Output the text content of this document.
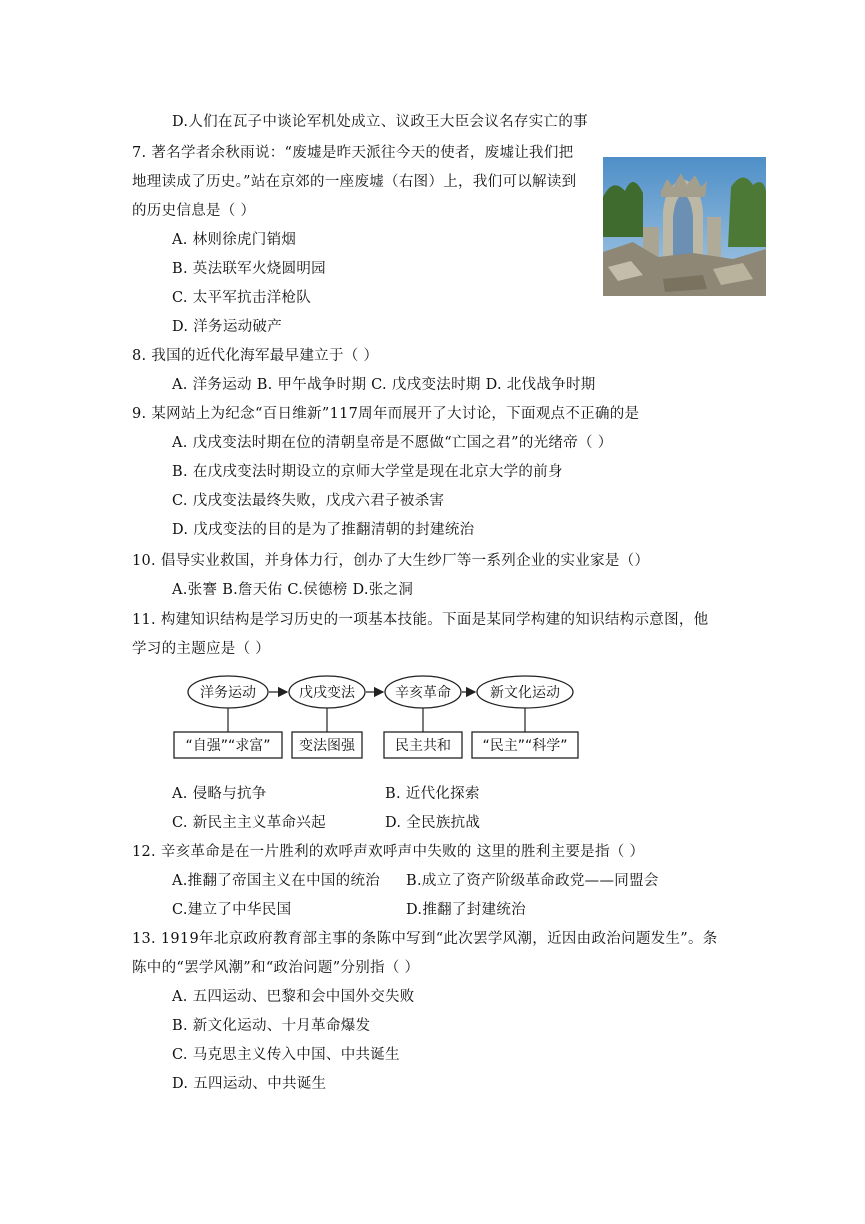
D.人们在瓦子中谈论军机处成立、议政王大臣会议名存实亡的事
7. 著名学者余秋雨说：“废墟是昨天派往今天的使者，废墟让我们把
地理读成了历史。”站在京郊的一座废墟（右图）上，我们可以解读到
的历史信息是（ ）
A. 林则徐虎门销烟
B. 英法联军火烧圆明园
C. 太平军抗击洋枪队
D. 洋务运动破产
8. 我国的近代化海军最早建立于（ ）
A. 洋务运动 B. 甲午战争时期 C. 戊戌变法时期 D. 北伐战争时期
9. 某网站上为纪念“百日维新”117周年而展开了大讨论，下面观点不正确的是
A. 戊戌变法时期在位的清朝皇帝是不愿做“亡国之君”的光绪帝（ ）
B. 在戊戌变法时期设立的京师大学堂是现在北京大学的前身
C. 戊戌变法最终失败，戊戌六君子被杀害
D. 戊戌变法的目的是为了推翻清朝的封建统治
10. 倡导实业救国，并身体力行，创办了大生纱厂等一系列企业的实业家是（）
A.张謇 B.詹天佑 C.侯德榜 D.张之洞
11. 构建知识结构是学习历史的一项基本技能。下面是某同学构建的知识结构示意图，他
学习的主题应是（ ）
洋务运动	戊戌变法	辛亥革命	新文化运动
“自强”“求富” 变法图强	民主共和 “民主”“科学”
A. 侵略与抗争	B. 近代化探索
C. 新民主主义革命兴起	D. 全民族抗战
12. 辛亥革命是在一片胜利的欢呼声欢呼声中失败的 这里的胜利主要是指（ ）
A.推翻了帝国主义在中国的统治 B.成立了资产阶级革命政党——同盟会
C.建立了中华民国	D.推翻了封建统治
13. 1919年北京政府教育部主事的条陈中写到“此次罢学风潮，近因由政治问题发生”。条
陈中的“罢学风潮”和“政治问题”分别指（ ）
A. 五四运动、巴黎和会中国外交失败
B. 新文化运动、十月革命爆发
C. 马克思主义传入中国、中共诞生
D. 五四运动、中共诞生
